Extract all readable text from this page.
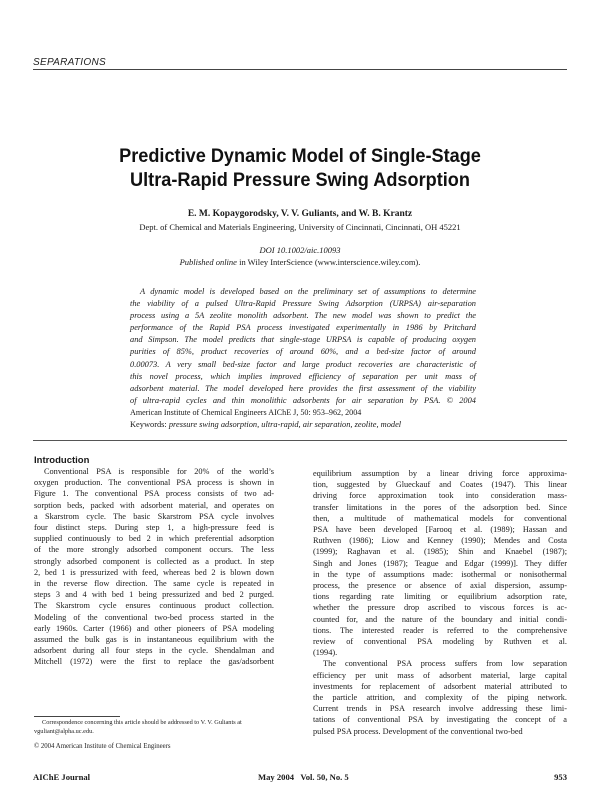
SEPARATIONS
Predictive Dynamic Model of Single-Stage
Ultra-Rapid Pressure Swing Adsorption
E. M. Kopaygorodsky, V. V. Guliants, and W. B. Krantz
Dept. of Chemical and Materials Engineering, University of Cincinnati, Cincinnati, OH 45221
DOI 10.1002/aic.10093
Published online in Wiley InterScience (www.interscience.wiley.com).
A dynamic model is developed based on the preliminary set of assumptions to determine
the viability of a pulsed Ultra-Rapid Pressure Swing Adsorption (URPSA) air-separation
process using a 5A zeolite monolith adsorbent. The new model was shown to predict the
performance of the Rapid PSA process investigated experimentally in 1986 by Pritchard
and Simpson. The model predicts that single-stage URPSA is capable of producing oxygen
purities of 85%, product recoveries of around 60%, and a bed-size factor of around
0.00073. A very small bed-size factor and large product recoveries are characteristic of
this novel process, which implies improved efficiency of separation per unit mass of
adsorbent material. The model developed here provides the first assessment of the viability
of ultra-rapid cycles and thin monolithic adsorbents for air separation by PSA. © 2004
American Institute of Chemical Engineers AIChE J, 50: 953–962, 2004
Keywords: pressure swing adsorption, ultra-rapid, air separation, zeolite, model
Introduction
Conventional PSA is responsible for 20% of the world’s
oxygen production. The conventional PSA process is shown in
Figure 1. The conventional PSA process consists of two ad-
sorption beds, packed with adsorbent material, and operates on
a Skarstrom cycle. The basic Skarstrom PSA cycle involves
four distinct steps. During step 1, a high-pressure feed is
supplied continuously to bed 2 in which preferential adsorption
of the more strongly adsorbed component occurs. The less
strongly adsorbed component is collected as a product. In step
2, bed 1 is pressurized with feed, whereas bed 2 is blown down
in the reverse flow direction. The same cycle is repeated in
steps 3 and 4 with bed 1 being pressurized and bed 2 purged.
The Skarstrom cycle ensures continuous product collection.
Modeling of the conventional two-bed process started in the
early 1960s. Carter (1966) and other pioneers of PSA modeling
assumed the bulk gas is in instantaneous equilibrium with the
adsorbent during all four steps in the cycle. Shendalman and
Mitchell (1972) were the first to replace the gas/adsorbent
equilibrium assumption by a linear driving force approxima-
tion, suggested by Glueckauf and Coates (1947). This linear
driving force approximation took into consideration mass-
transfer limitations in the pores of the adsorption bed. Since
then, a multitude of mathematical models for conventional
PSA have been developed [Farooq et al. (1989); Hassan and
Ruthven (1986); Liow and Kenney (1990); Mendes and Costa
(1999); Raghavan et al. (1985); Shin and Knaebel (1987);
Singh and Jones (1987); Teague and Edgar (1999)]. They differ
in the type of assumptions made: isothermal or nonisothermal
process, the presence or absence of axial dispersion, assump-
tions regarding rate limiting or equilibrium adsorption rate,
whether the pressure drop ascribed to viscous forces is ac-
counted for, and the nature of the boundary and initial condi-
tions. The interested reader is referred to the comprehensive
review of conventional PSA modeling by Ruthven et al.
(1994).
The conventional PSA process suffers from low separation
efficiency per unit mass of adsorbent material, large capital
investments for replacement of adsorbent material attributed to
the particle attrition, and complexity of the piping network.
Current trends in PSA research involve addressing these limi-
tations of conventional PSA by investigating the concept of a
pulsed PSA process. Development of the conventional two-bed
Correspondence concerning this article should be addressed to V. V. Guliants at
vguliant@alpha.uc.edu.
© 2004 American Institute of Chemical Engineers
AIChE Journal	May 2004   Vol. 50, No. 5	953
